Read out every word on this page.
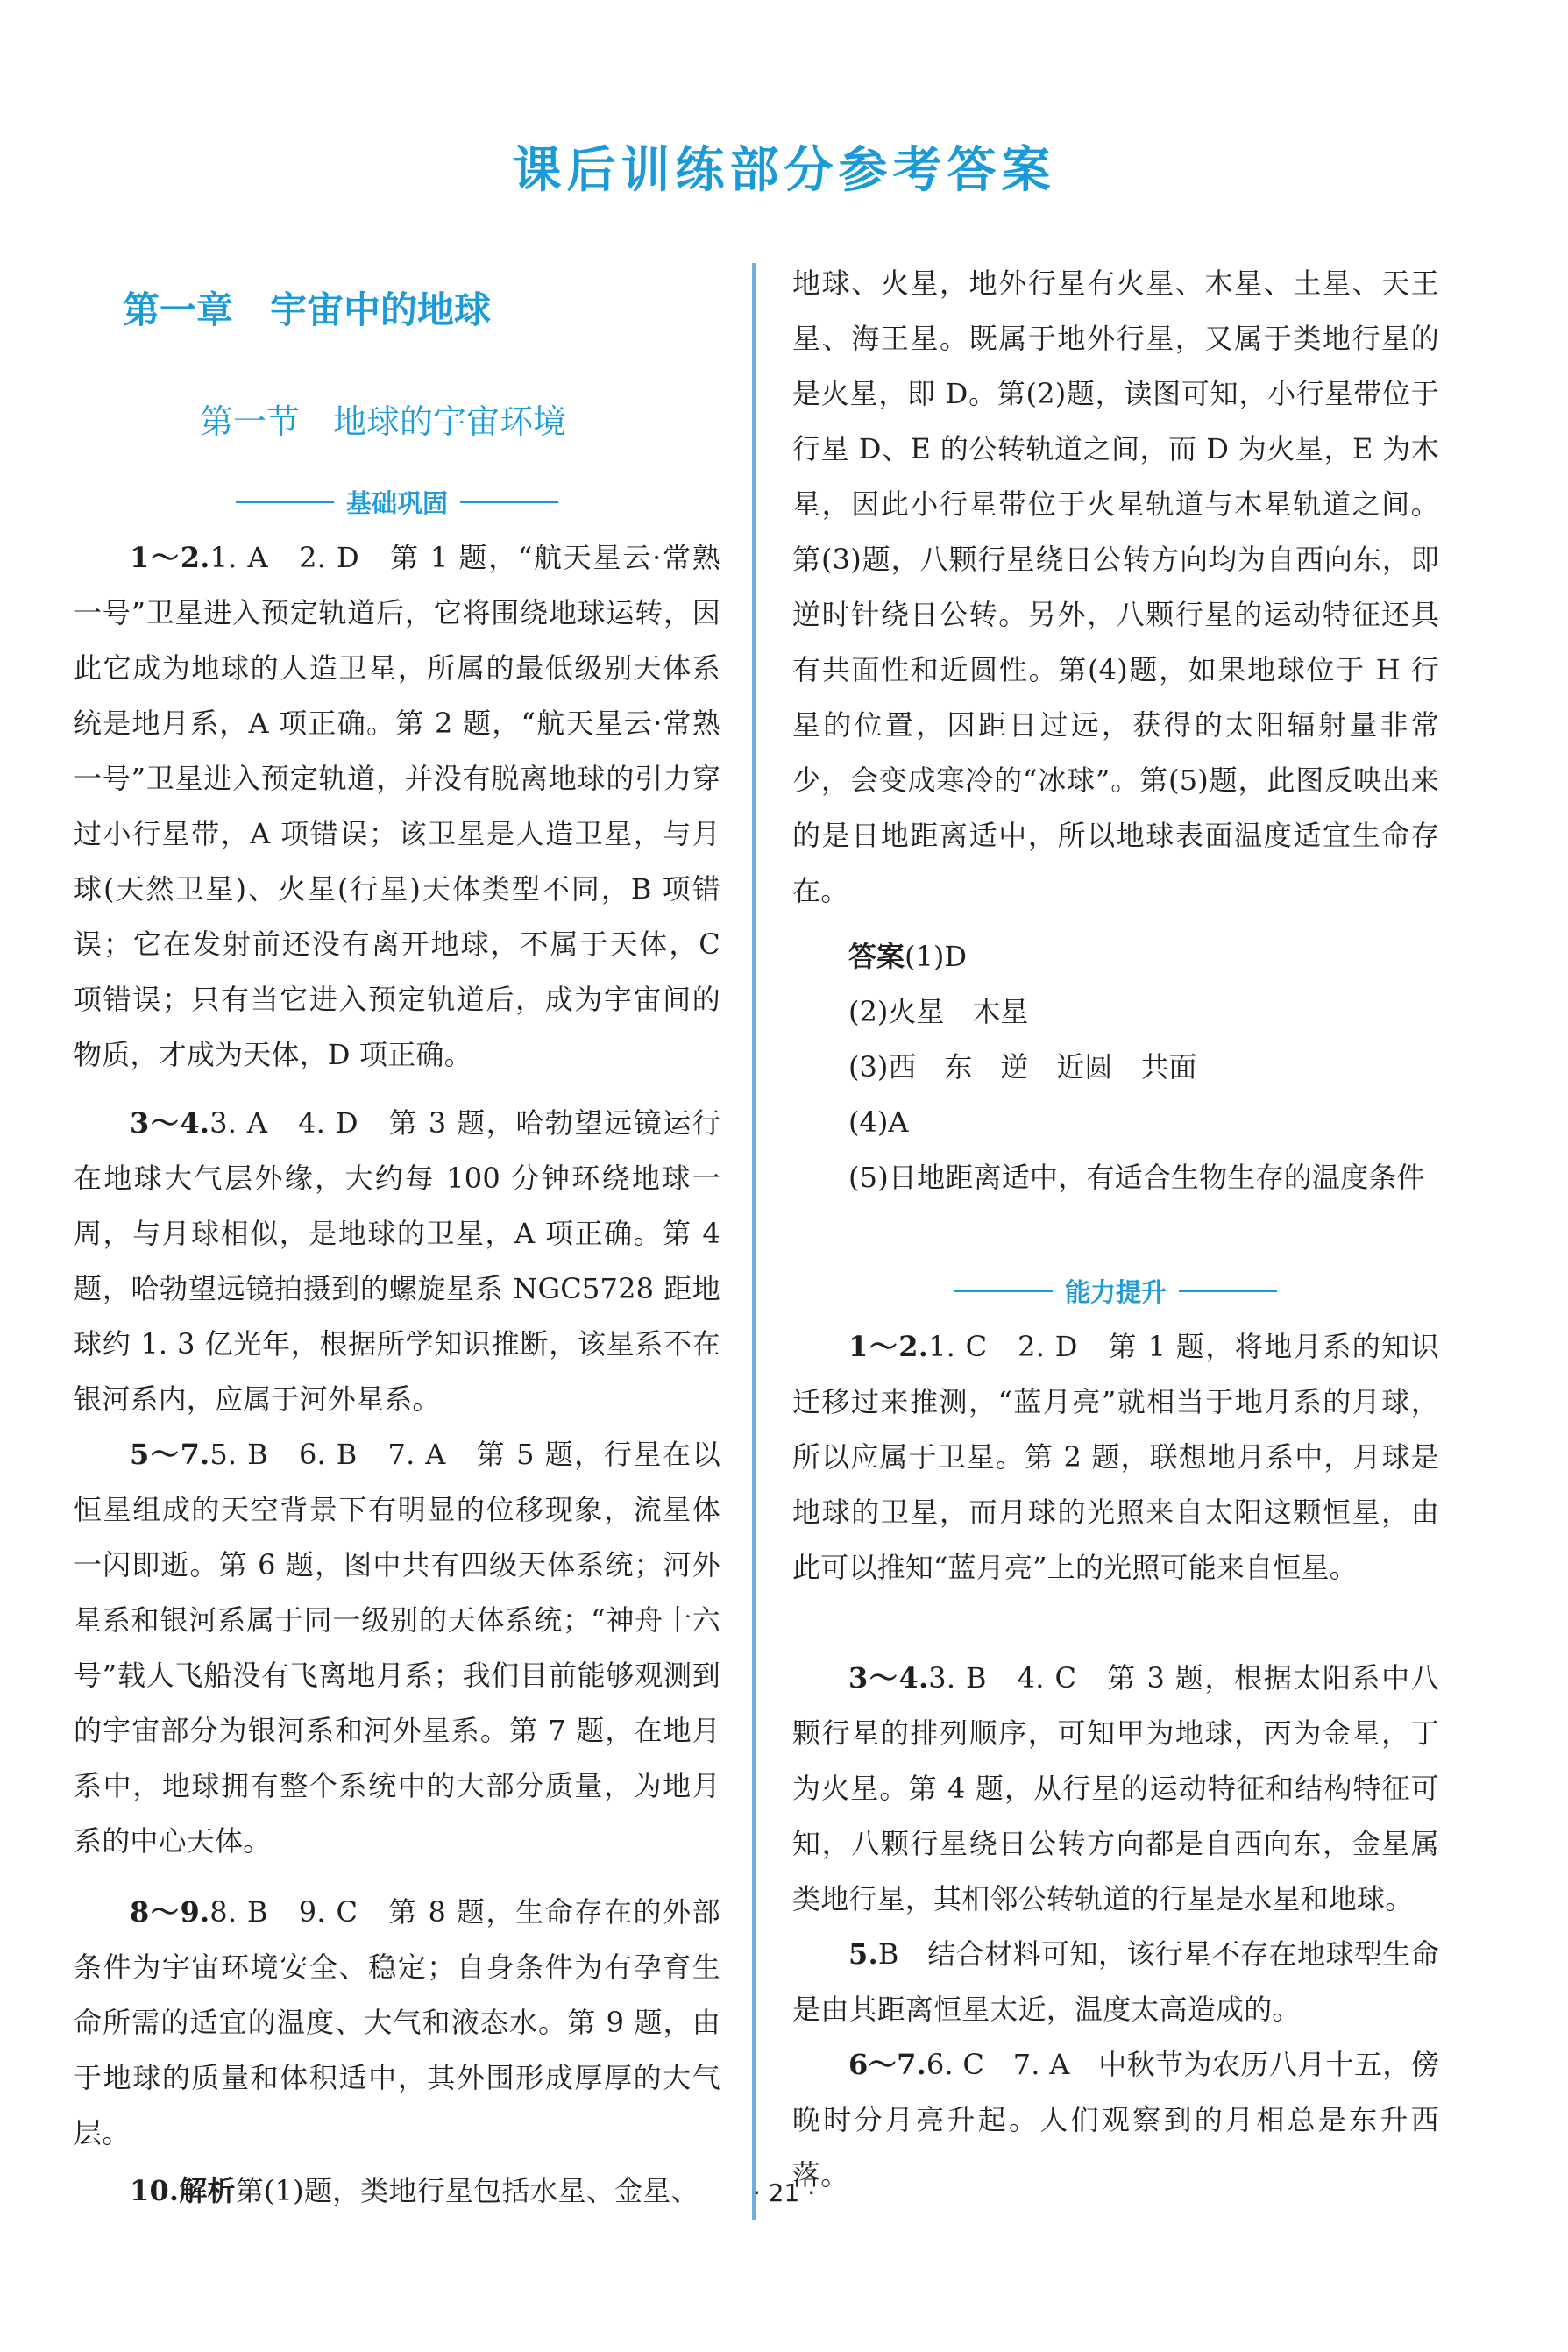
课后训练部分参考答案
第一章　宇宙中的地球
第一节　地球的宇宙环境
基础巩固
1～2.1. A　2. D　第 1 题，“航天星云·常熟一号”卫星进入预定轨道后，它将围绕地球运转，因此它成为地球的人造卫星，所属的最低级别天体系统是地月系，A 项正确。第 2 题，“航天星云·常熟一号”卫星进入预定轨道，并没有脱离地球的引力穿过小行星带，A 项错误；该卫星是人造卫星，与月球(天然卫星)、火星(行星)天体类型不同，B 项错误；它在发射前还没有离开地球，不属于天体，C 项错误；只有当它进入预定轨道后，成为宇宙间的物质，才成为天体，D 项正确。
3～4.3. A　4. D　第 3 题，哈勃望远镜运行在地球大气层外缘，大约每 100 分钟环绕地球一周，与月球相似，是地球的卫星，A 项正确。第 4 题，哈勃望远镜拍摄到的螺旋星系 NGC5728 距地球约 1. 3 亿光年，根据所学知识推断，该星系不在银河系内，应属于河外星系。
5～7.5. B　6. B　7. A　第 5 题，行星在以恒星组成的天空背景下有明显的位移现象，流星体一闪即逝。第 6 题，图中共有四级天体系统；河外星系和银河系属于同一级别的天体系统；“神舟十六号”载人飞船没有飞离地月系；我们目前能够观测到的宇宙部分为银河系和河外星系。第 7 题，在地月系中，地球拥有整个系统中的大部分质量，为地月系的中心天体。
8～9.8. B　9. C　第 8 题，生命存在的外部条件为宇宙环境安全、稳定；自身条件为有孕育生命所需的适宜的温度、大气和液态水。第 9 题，由于地球的质量和体积适中，其外围形成厚厚的大气层。
10.解析第(1)题，类地行星包括水星、金星、
地球、火星，地外行星有火星、木星、土星、天王星、海王星。既属于地外行星，又属于类地行星的是火星，即 D。第(2)题，读图可知，小行星带位于行星 D、E 的公转轨道之间，而 D 为火星，E 为木星，因此小行星带位于火星轨道与木星轨道之间。第(3)题，八颗行星绕日公转方向均为自西向东，即逆时针绕日公转。另外，八颗行星的运动特征还具有共面性和近圆性。第(4)题，如果地球位于 H 行星的位置，因距日过远，获得的太阳辐射量非常少，会变成寒冷的“冰球”。第(5)题，此图反映出来的是日地距离适中，所以地球表面温度适宜生命存在。
答案(1)D
(2)火星　木星
(3)西　东　逆　近圆　共面
(4)A
(5)日地距离适中，有适合生物生存的温度条件
能力提升
1～2.1. C　2. D　第 1 题，将地月系的知识迁移过来推测，“蓝月亮”就相当于地月系的月球，所以应属于卫星。第 2 题，联想地月系中，月球是地球的卫星，而月球的光照来自太阳这颗恒星，由此可以推知“蓝月亮”上的光照可能来自恒星。
3～4.3. B　4. C　第 3 题，根据太阳系中八颗行星的排列顺序，可知甲为地球，丙为金星，丁为火星。第 4 题，从行星的运动特征和结构特征可知，八颗行星绕日公转方向都是自西向东，金星属类地行星，其相邻公转轨道的行星是水星和地球。
5.B　结合材料可知，该行星不存在地球型生命是由其距离恒星太近，温度太高造成的。
6～7.6. C　7. A　中秋节为农历八月十五，傍晚时分月亮升起。人们观察到的月相总是东升西落。
· 21 ·
